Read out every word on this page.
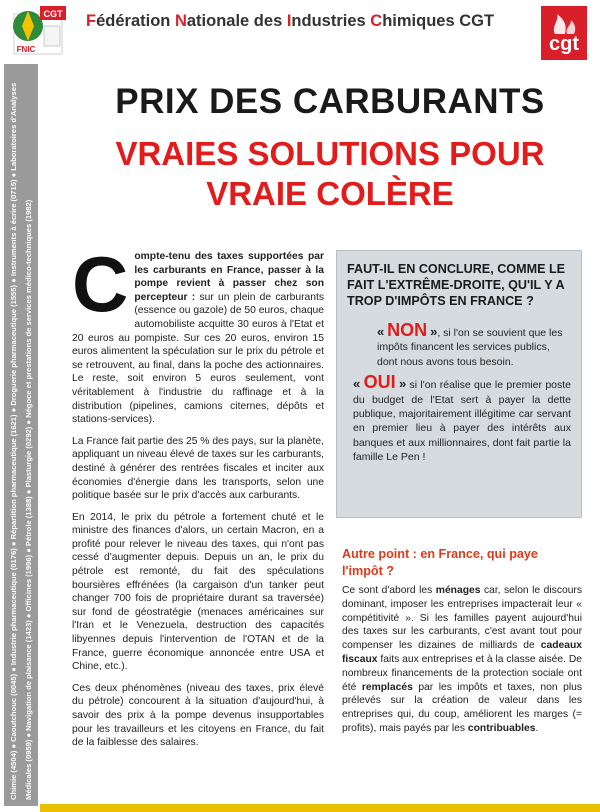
CGT
FNIC
Fédération Nationale des Industries Chimiques CGT
cgt
Chimie (4504) ● Caoutchouc (0045) ● Industrie pharmaceutique (0176) ● Répartition pharmaceutique (1621) ● Droguerie pharmaceutique (1555) ● Instruments à écrire (0715) ● Laboratoires d'Analyses Médicales (0959) ● Navigation de plaisance (1423) ● Officines (1996) ● Pétrole (1388) ● Plasturgie (0292) ● Négoce et prestations de services médico-techniques (1982)
PRIX DES CARBURANTS
VRAIES SOLUTIONS POUR
VRAIE COLÈRE

Compte-tenu des taxes supportées par les carburants en France, passer à la pompe revient à passer chez son percepteur : sur un plein de carburants (essence ou gazole) de 50 euros, chaque automobiliste acquitte 30 euros à l'Etat et 20 euros au pompiste. Sur ces 20 euros, environ 15 euros alimentent la spéculation sur le prix du pétrole et se retrouvent, au final, dans la poche des actionnaires. Le reste, soit environ 5 euros seulement, vont véritablement à l'industrie du raffinage et à la distribution (pipelines, camions citernes, dépôts et stations-services).

La France fait partie des 25 % des pays, sur la planète, appliquant un niveau élevé de taxes sur les carburants, destiné à générer des rentrées fiscales et inciter aux économies d'énergie dans les transports, selon une politique basée sur le prix d'accès aux carburants.

En 2014, le prix du pétrole a fortement chuté et le ministre des finances d'alors, un certain Macron, en a profité pour relever le niveau des taxes, qui n'ont pas cessé d'augmenter depuis. Depuis un an, le prix du pétrole est remonté, du fait des spéculations boursières effrénées (la cargaison d'un tanker peut changer 700 fois de propriétaire durant sa traversée) sur fond de géostratégie (menaces américaines sur l'Iran et le Venezuela, destruction des capacités libyennes depuis l'intervention de l'OTAN et de la France, guerre économique annoncée entre USA et Chine, etc.).

Ces deux phénomènes (niveau des taxes, prix élevé du pétrole) concourent à la situation d'aujourd'hui, à savoir des prix à la pompe devenus insupportables pour les travailleurs et les citoyens en France, du fait de la faiblesse des salaires.

FAUT-IL EN CONCLURE, COMME LE FAIT L'EXTRÊME-DROITE, QU'IL Y A TROP D'IMPÔTS EN FRANCE ?
« NON », si l'on se souvient que les impôts financent les services publics, dont nous avons tous besoin.
« OUI » si l'on réalise que le premier poste du budget de l'Etat sert à payer la dette publique, majoritairement illégitime car servant en premier lieu à payer des intérêts aux banques et aux millionnaires, dont fait partie la famille Le Pen !
Autre point : en France, qui paye l'impôt ?
Ce sont d'abord les ménages car, selon le discours dominant, imposer les entreprises impacterait leur « compétitivité ». Si les familles payent aujourd'hui des taxes sur les carburants, c'est avant tout pour compenser les dizaines de milliards de cadeaux fiscaux faits aux entreprises et à la classe aisée. De nombreux financements de la protection sociale ont été remplacés par les impôts et taxes, non plus prélevés sur la création de valeur dans les entreprises qui, du coup, améliorent les marges (= profits), mais payés par les contribuables.
